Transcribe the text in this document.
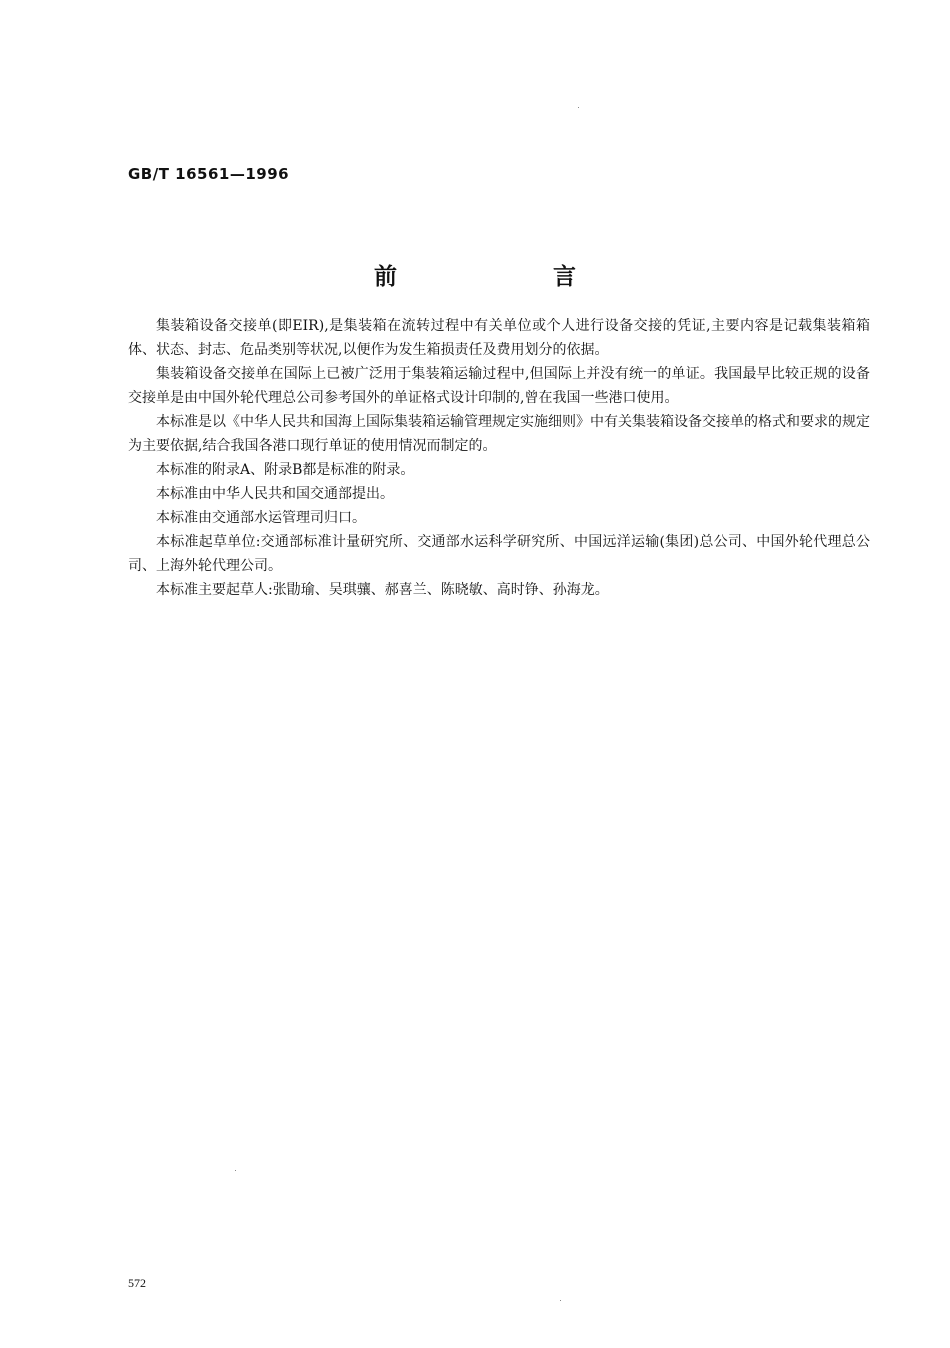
GB/T 16561—1996
前 言

集装箱设备交接单(即EIR),是集装箱在流转过程中有关单位或个人进行设备交接的凭证,主要内容是记载集装箱箱体、状态、封志、危品类别等状况,以便作为发生箱损责任及费用划分的依据。

集装箱设备交接单在国际上已被广泛用于集装箱运输过程中,但国际上并没有统一的单证。我国最早比较正规的设备交接单是由中国外轮代理总公司参考国外的单证格式设计印制的,曾在我国一些港口使用。

本标准是以《中华人民共和国海上国际集装箱运输管理规定实施细则》中有关集装箱设备交接单的格式和要求的规定为主要依据,结合我国各港口现行单证的使用情况而制定的。

本标准的附录A、附录B都是标准的附录。

本标准由中华人民共和国交通部提出。

本标准由交通部水运管理司归口。

本标准起草单位:交通部标准计量研究所、交通部水运科学研究所、中国远洋运输(集团)总公司、中国外轮代理总公司、上海外轮代理公司。

本标准主要起草人:张勖瑜、吴琪骧、郝喜兰、陈晓敏、高时铮、孙海龙。

572
